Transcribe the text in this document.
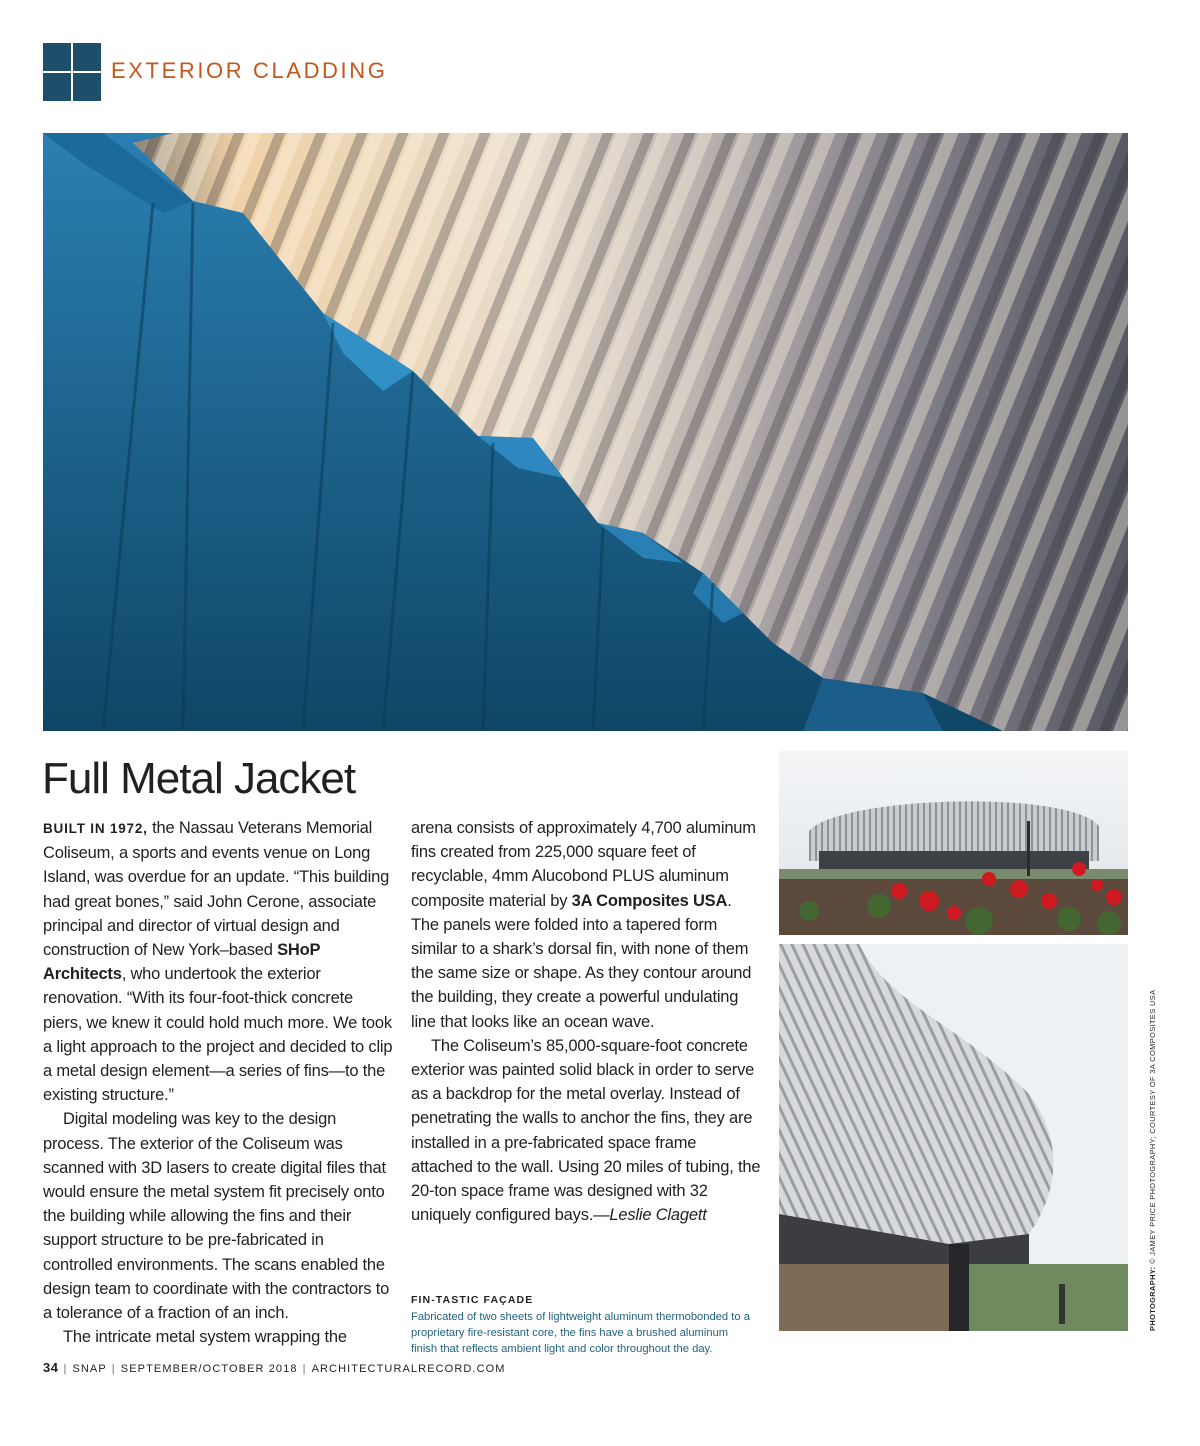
EXTERIOR CLADDING
Full Metal Jacket

BUILT IN 1972, the Nassau Veterans Memorial Coliseum, a sports and events venue on Long Island, was overdue for an update. “This building had great bones,” said John Cerone, associate principal and director of virtual design and construction of New York–based SHoP Architects, who undertook the exterior renovation. “With its four-foot-thick concrete piers, we knew it could hold much more. We took a light approach to the project and decided to clip a metal design element—a series of fins—to the existing structure.”

Digital modeling was key to the design process. The exterior of the Coliseum was scanned with 3D lasers to create digital files that would ensure the metal system fit precisely onto the building while allowing the fins and their support structure to be pre-fabricated in controlled environments. The scans enabled the design team to coordinate with the contractors to a tolerance of a fraction of an inch.

The intricate metal system wrapping the

arena consists of approximately 4,700 aluminum fins created from 225,000 square feet of recyclable, 4mm Alucobond PLUS aluminum composite material by 3A Composites USA. The panels were folded into a tapered form similar to a shark’s dorsal fin, with none of them the same size or shape. As they contour around the building, they create a powerful undulating line that looks like an ocean wave.

The Coliseum’s 85,000-square-foot concrete exterior was painted solid black in order to serve as a backdrop for the metal overlay. Instead of penetrating the walls to anchor the fins, they are installed in a pre-fabricated space frame attached to the wall. Using 20 miles of tubing, the 20-ton space frame was designed with 32 uniquely configured bays.—Leslie Clagett

FIN-TASTIC FAÇADE
Fabricated of two sheets of lightweight aluminum thermobonded to a proprietary fire-resistant core, the fins have a brushed aluminum finish that reflects ambient light and color throughout the day.
PHOTOGRAPHY: © JAMEY PRICE PHOTOGRAPHY; COURTESY OF 3A COMPOSITES USA
34 | SNAP | SEPTEMBER/OCTOBER 2018 | ARCHITECTURALRECORD.COM
